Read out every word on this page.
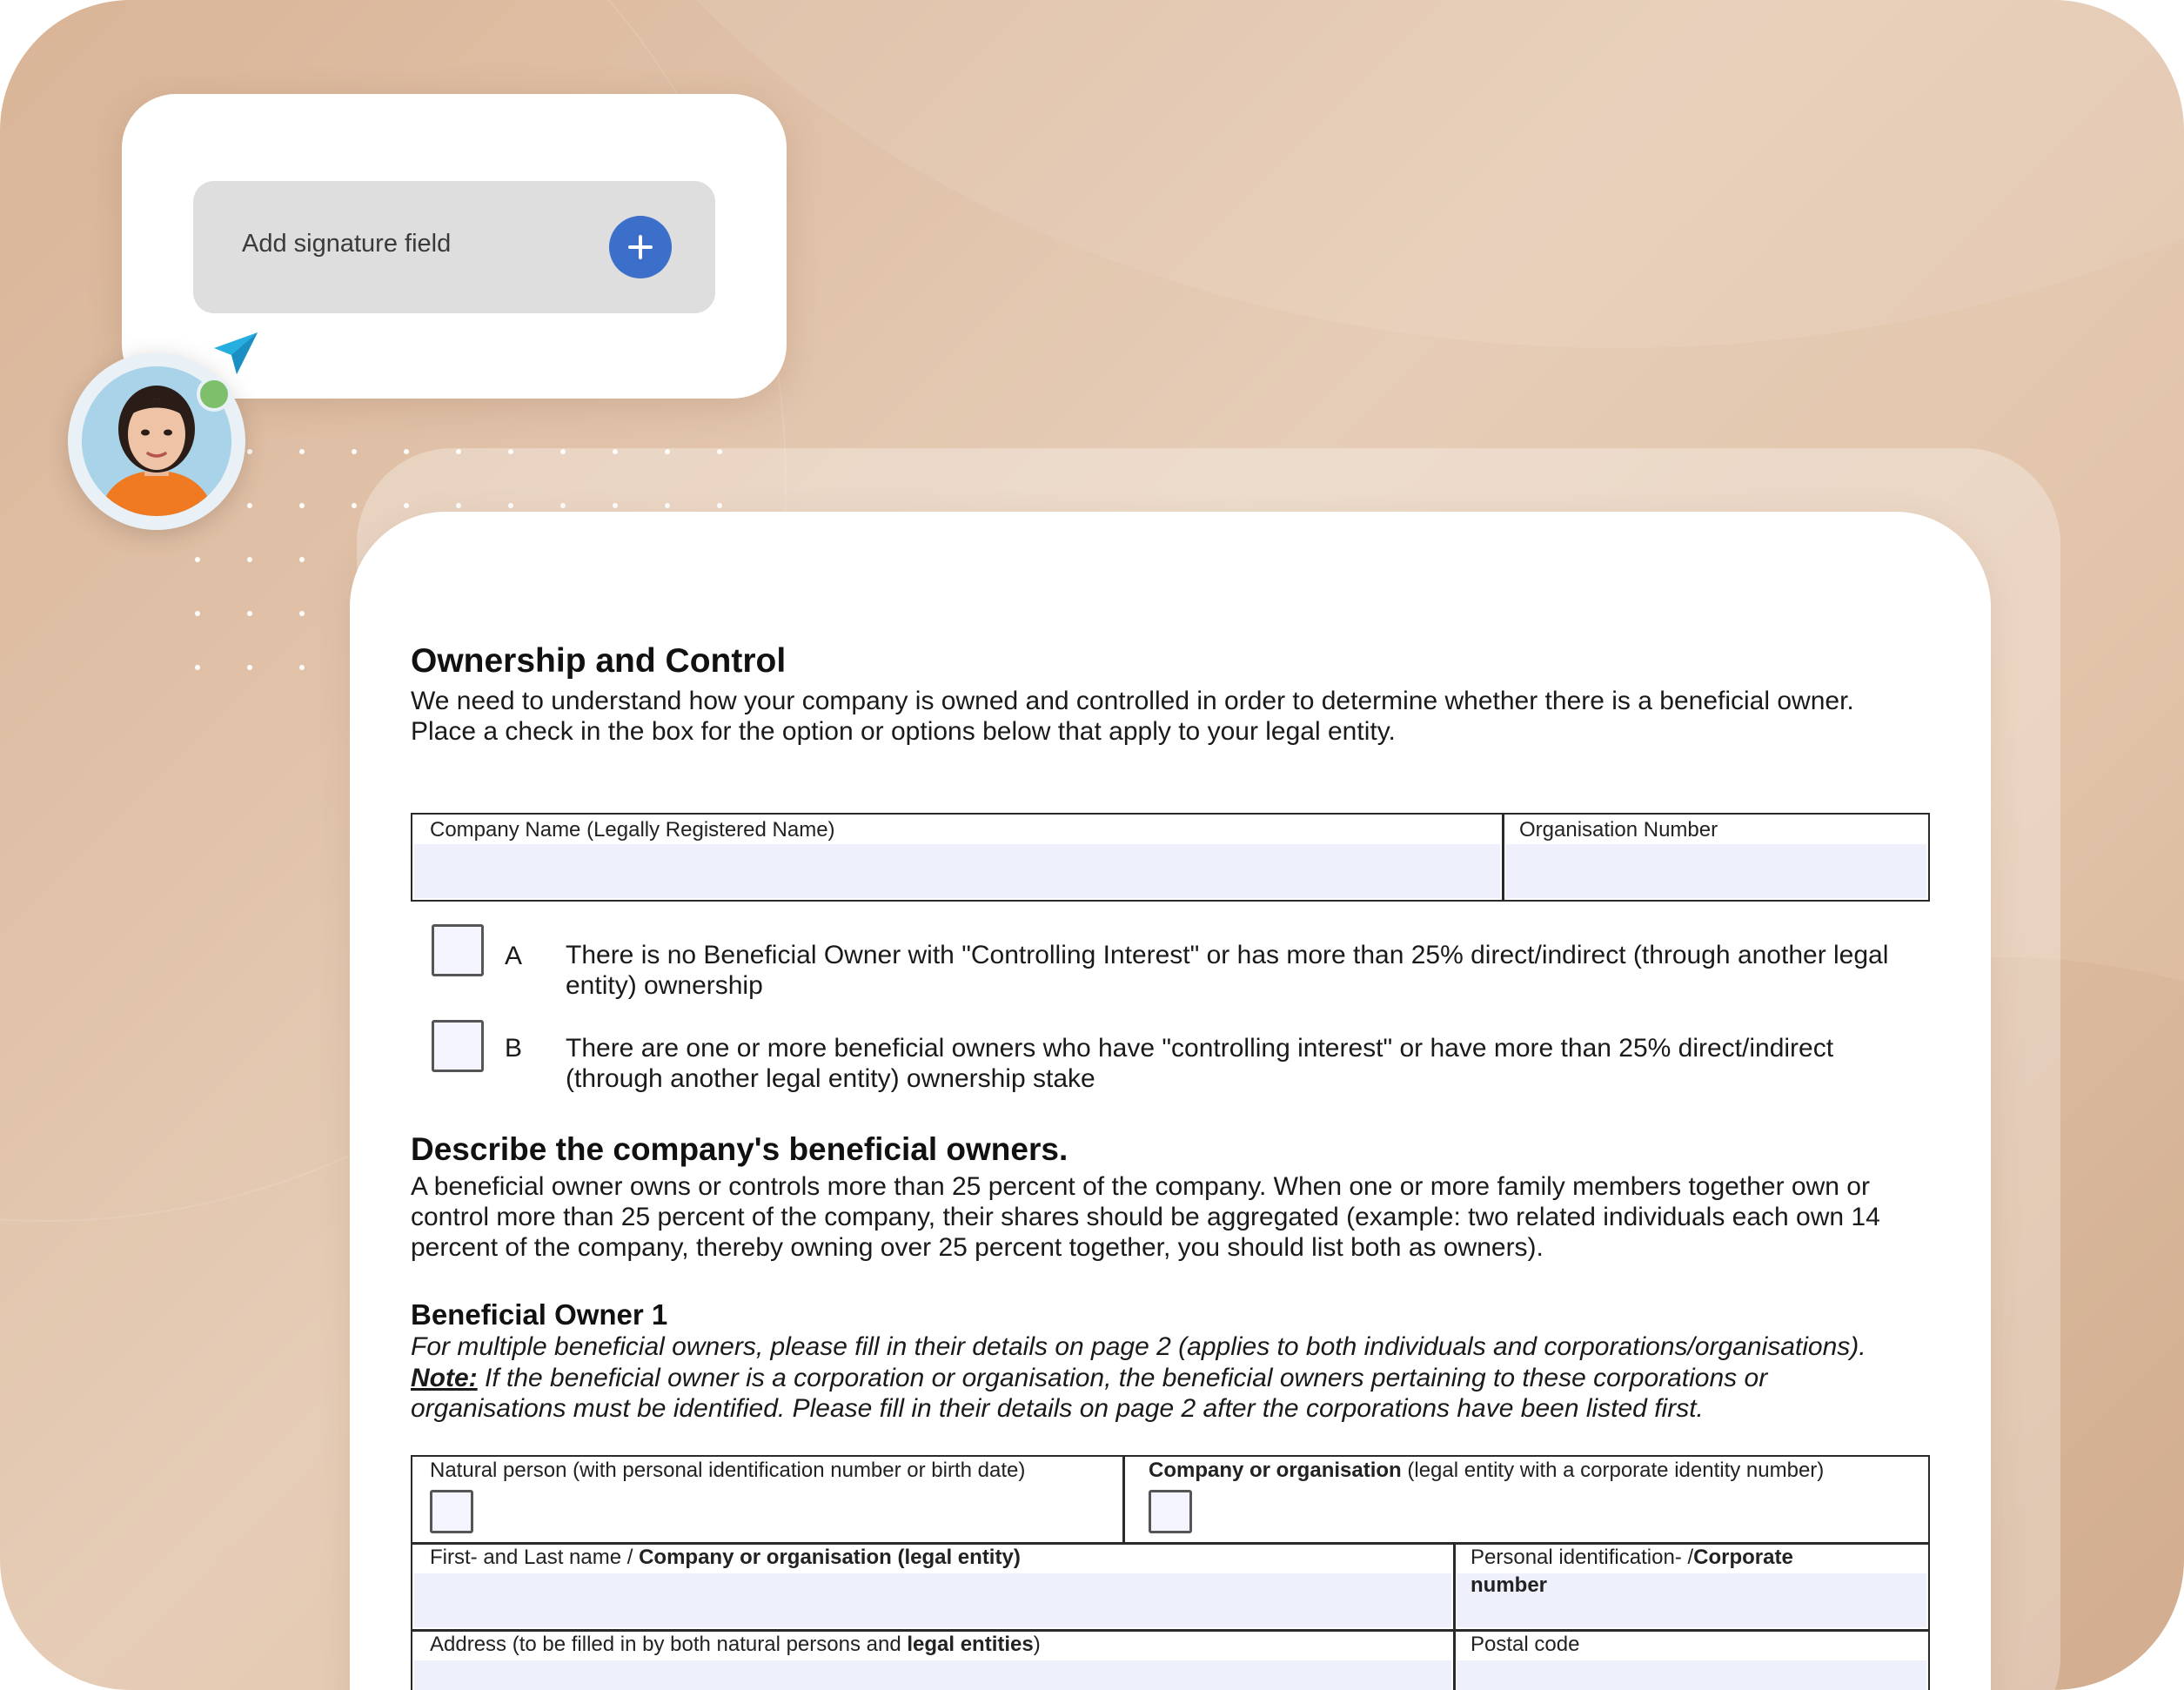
Ownership and Control
We need to understand how your company is owned and controlled in order to determine whether there is a beneficial owner.
Place a check in the box for the option or options below that apply to your legal entity.
Company Name (Legally Registered Name)	Organisation Number
A There is no Beneficial Owner with "Controlling Interest" or has more than 25% direct/indirect (through another legal
entity) ownership
B There are one or more beneficial owners who have "controlling interest" or have more than 25% direct/indirect
(through another legal entity) ownership stake
Describe the company's beneficial owners.
A beneficial owner owns or controls more than 25 percent of the company. When one or more family members together own or
control more than 25 percent of the company, their shares should be aggregated (example: two related individuals each own 14
percent of the company, thereby owning over 25 percent together, you should list both as owners).
Beneficial Owner 1
For multiple beneficial owners, please fill in their details on page 2 (applies to both individuals and corporations/organisations).
Note: If the beneficial owner is a corporation or organisation, the beneficial owners pertaining to these corporations or
organisations must be identified. Please fill in their details on page 2 after the corporations have been listed first.
Natural person (with personal identification number or birth date)	Company or organisation (legal entity with a corporate identity number)
First- and Last name / Company or organisation (legal entity)	Personal identification- /Corporate
number
Address (to be filled in by both natural persons and legal entities)	Postal code
Add signature field
